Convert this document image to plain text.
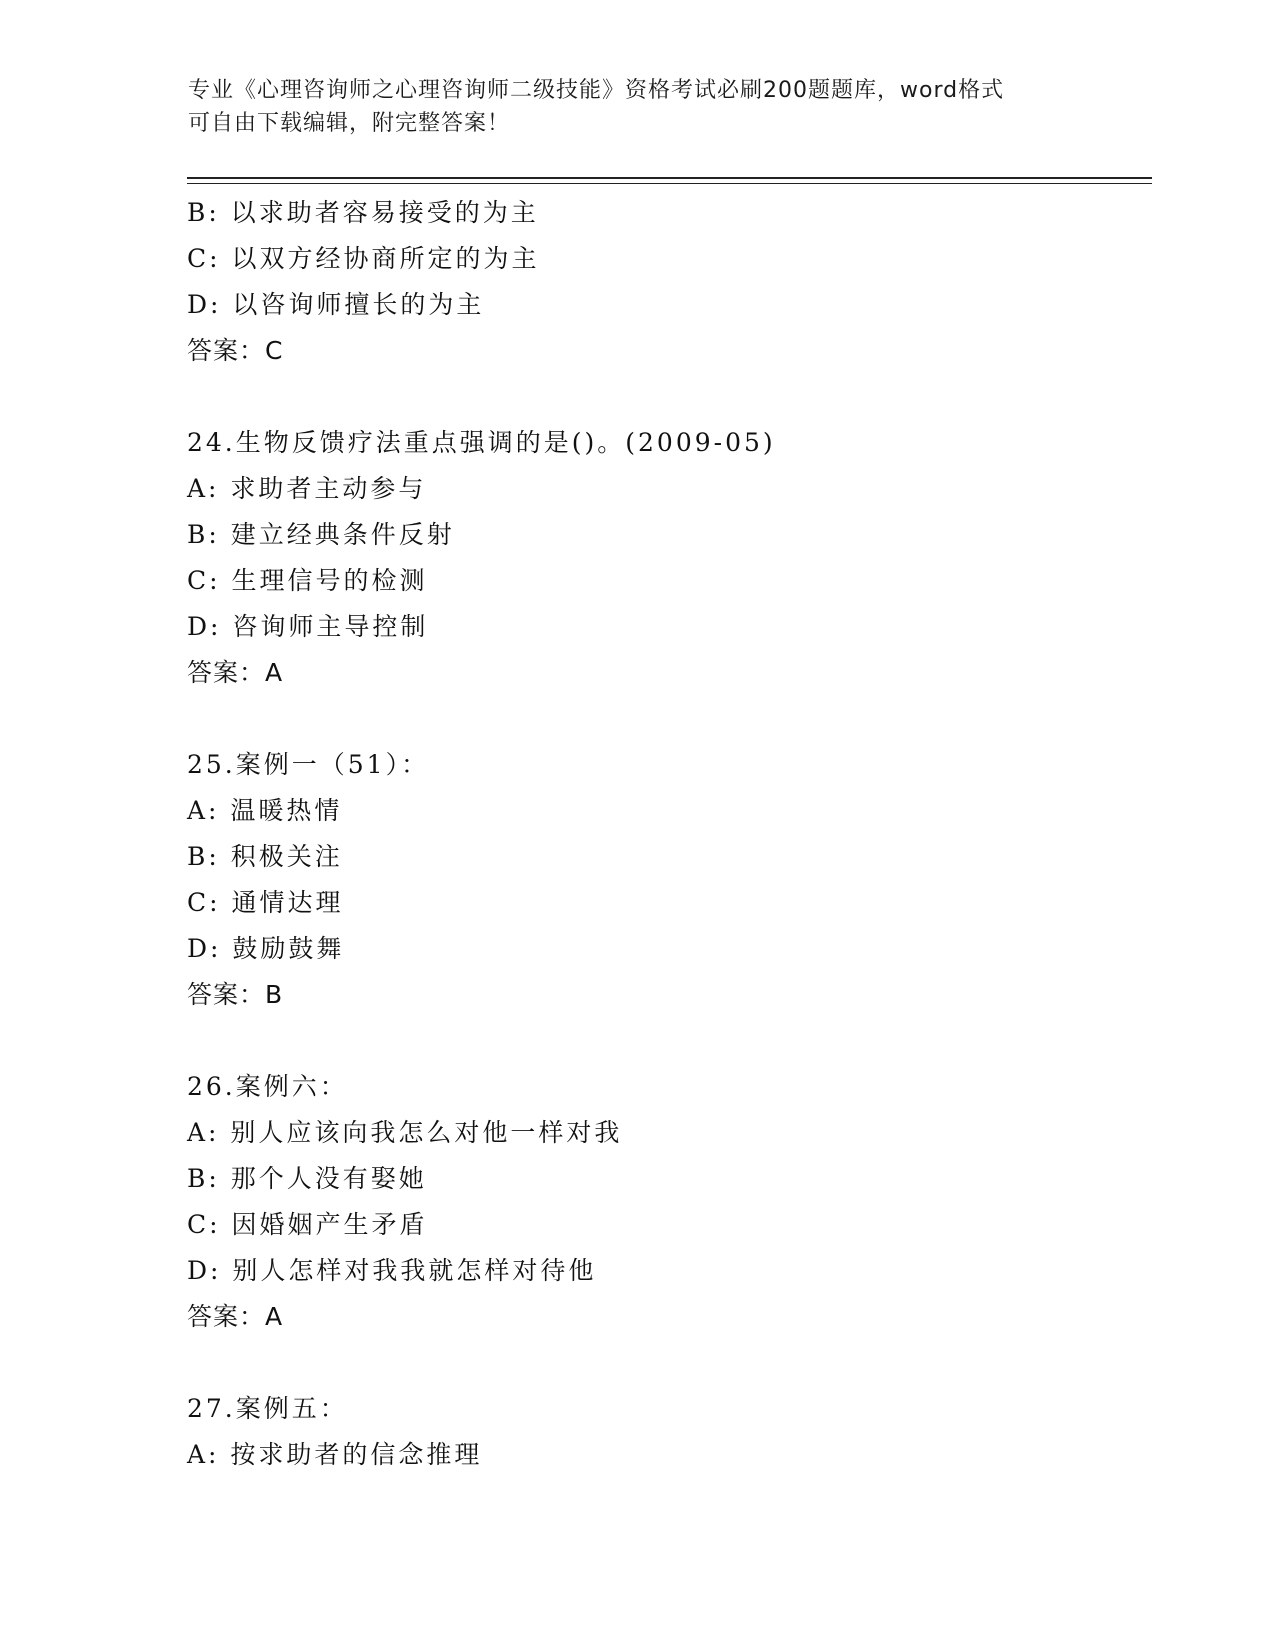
专业《心理咨询师之心理咨询师二级技能》资格考试必刷200题题库，word格式
可自由下载编辑，附完整答案！
B: 以求助者容易接受的为主
C: 以双方经协商所定的为主
D: 以咨询师擅长的为主
答案：C
24.生物反馈疗法重点强调的是()。(2009-05)
A: 求助者主动参与
B: 建立经典条件反射
C: 生理信号的检测
D: 咨询师主导控制
答案：A
25.案例一（51）：
A: 温暖热情
B: 积极关注
C: 通情达理
D: 鼓励鼓舞
答案：B
26.案例六：
A: 别人应该向我怎么对他一样对我
B: 那个人没有娶她
C: 因婚姻产生矛盾
D: 别人怎样对我我就怎样对待他
答案：A
27.案例五：
A: 按求助者的信念推理
